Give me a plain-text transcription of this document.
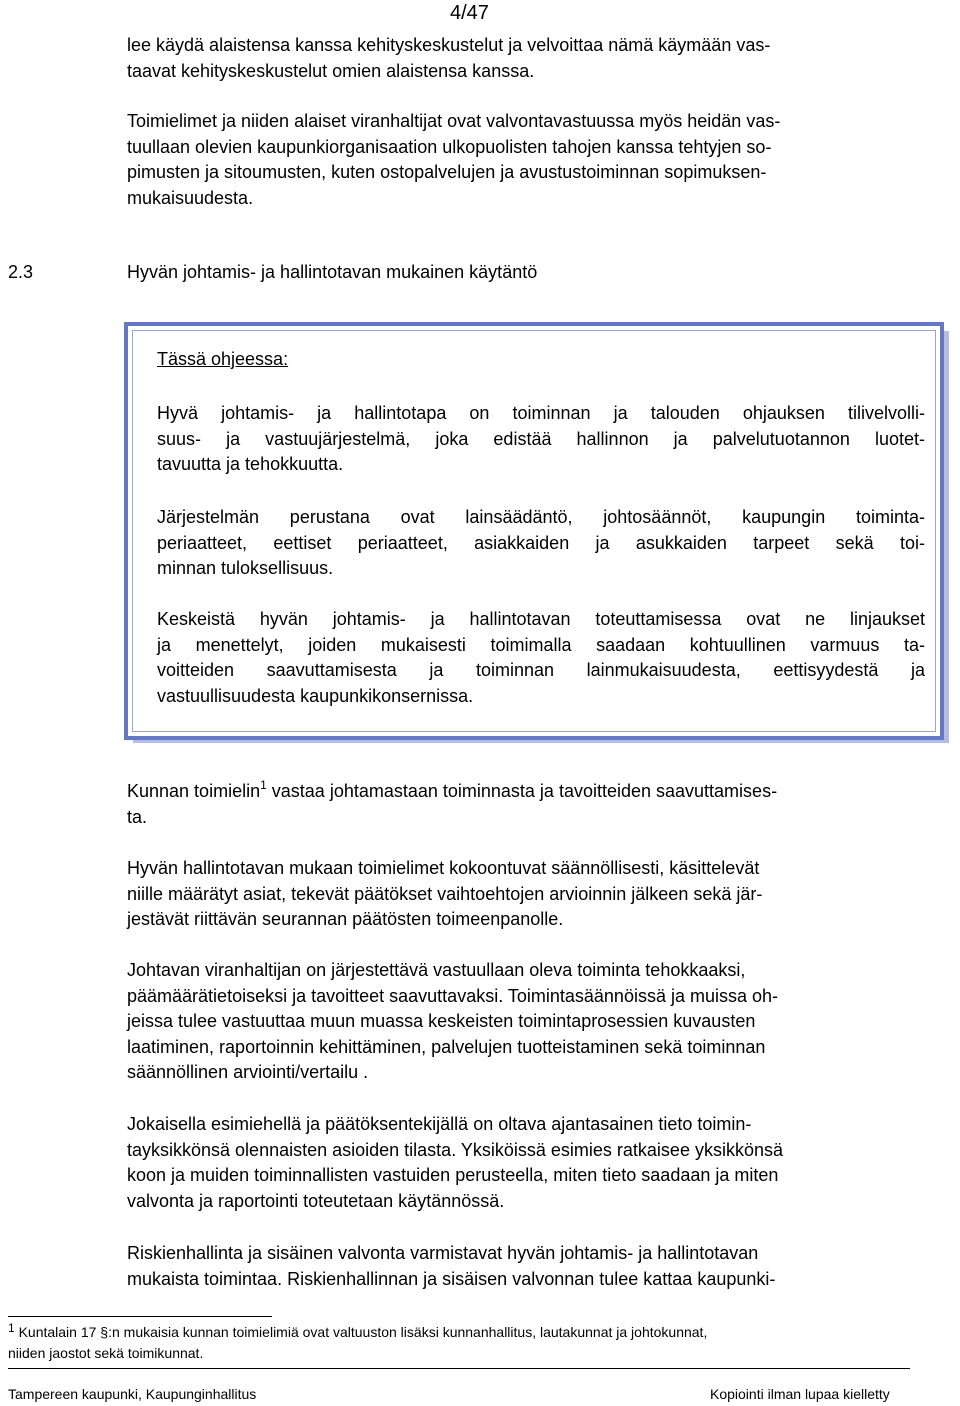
4/47
lee käydä alaistensa kanssa kehityskeskustelut ja velvoittaa nämä käymään vas-
taavat kehityskeskustelut omien alaistensa kanssa.
Toimielimet ja niiden alaiset viranhaltijat ovat valvontavastuussa myös heidän vas-
tuullaan olevien kaupunkiorganisaation ulkopuolisten tahojen kanssa tehtyjen so-
pimusten ja sitoumusten, kuten ostopalvelujen ja avustustoiminnan sopimuksen-
mukaisuudesta.
2.3	Hyvän johtamis- ja hallintotavan mukainen käytäntö
Tässä ohjeessa:
Hyvä johtamis- ja hallintotapa on toiminnan ja talouden ohjauksen tilivelvolli-
suus- ja vastuujärjestelmä, joka edistää hallinnon ja palvelutuotannon luotet-
tavuutta ja tehokkuutta.
Järjestelmän perustana ovat lainsäädäntö, johtosäännöt, kaupungin toiminta-
periaatteet, eettiset periaatteet, asiakkaiden ja asukkaiden tarpeet sekä toi-
minnan tuloksellisuus.
Keskeistä hyvän johtamis- ja hallintotavan toteuttamisessa ovat ne linjaukset
ja menettelyt, joiden mukaisesti toimimalla saadaan kohtuullinen varmuus ta-
voitteiden saavuttamisesta ja toiminnan lainmukaisuudesta, eettisyydestä ja
vastuullisuudesta kaupunkikonsernissa.
Kunnan toimielin$^1$ vastaa johtamastaan toiminnasta ja tavoitteiden saavuttamises-
ta.
Hyvän hallintotavan mukaan toimielimet kokoontuvat säännöllisesti, käsittelevät
niille määrätyt asiat, tekevät päätökset vaihtoehtojen arvioinnin jälkeen sekä jär-
jestävät riittävän seurannan päätösten toimeenpanolle.
Johtavan viranhaltijan on järjestettävä vastuullaan oleva toiminta tehokkaaksi,
päämäärätietoiseksi ja tavoitteet saavuttavaksi. Toimintasäännöissä ja muissa oh-
jeissa tulee vastuuttaa muun muassa keskeisten toimintaprosessien kuvausten
laatiminen, raportoinnin kehittäminen, palvelujen tuotteistaminen sekä toiminnan
säännöllinen arviointi/vertailu .
Jokaisella esimiehellä ja päätöksentekijällä on oltava ajantasainen tieto toimin-
tayksikkönsä olennaisten asioiden tilasta. Yksiköissä esimies ratkaisee yksikkönsä
koon ja muiden toiminnallisten vastuiden perusteella, miten tieto saadaan ja miten
valvonta ja raportointi toteutetaan käytännössä.
Riskienhallinta ja sisäinen valvonta varmistavat hyvän johtamis- ja hallintotavan
mukaista toimintaa. Riskienhallinnan ja sisäisen valvonnan tulee kattaa kaupunki-
$^1$ Kuntalain 17 §:n mukaisia kunnan toimielimiä ovat valtuuston lisäksi kunnanhallitus, lautakunnat ja johtokunnat,
niiden jaostot sekä toimikunnat.
Tampereen kaupunki, Kaupunginhallitus	Kopiointi ilman lupaa kielletty
